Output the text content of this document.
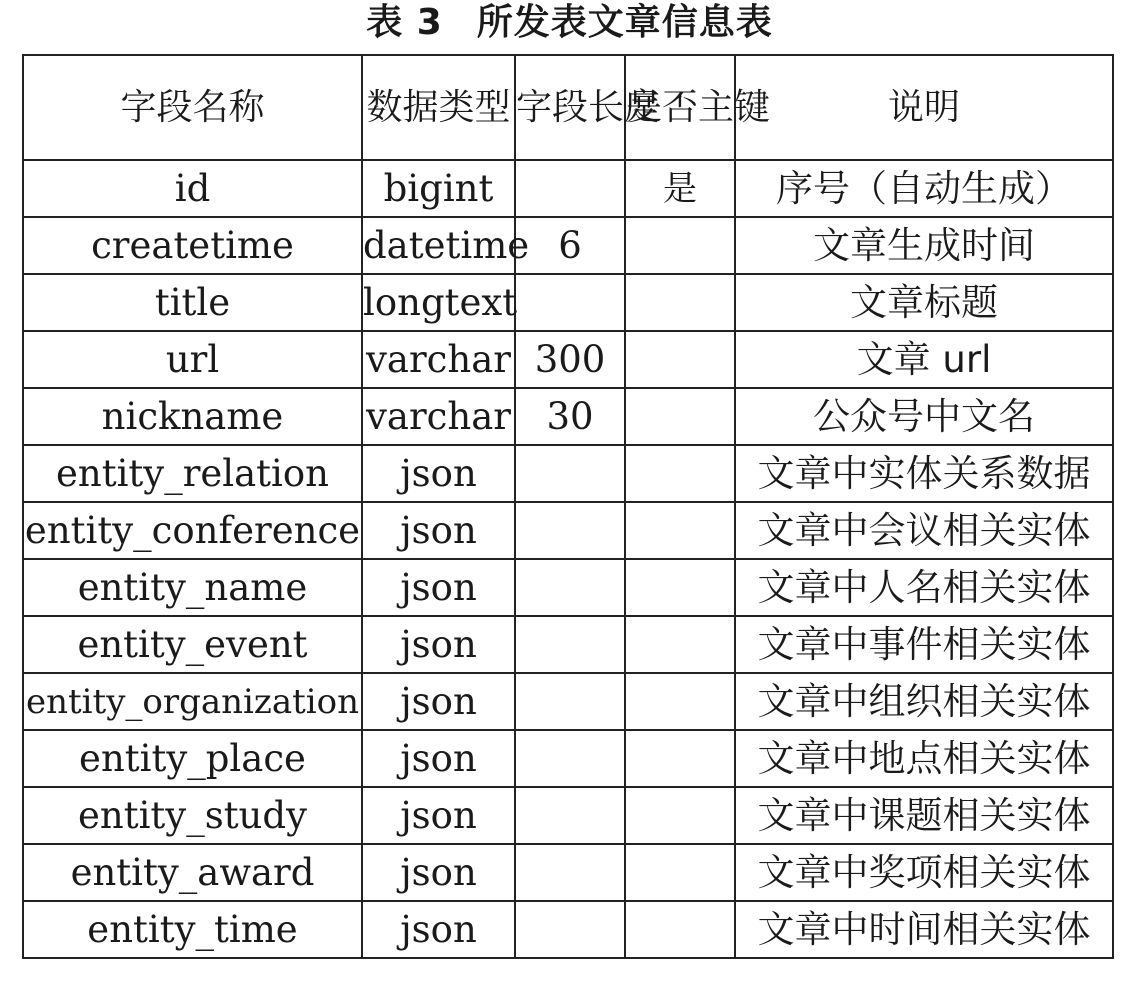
表 3 所发表文章信息表
字段名称	数据类型	字段长度	是否主键	说明
id	bigint		是	序号（自动生成）
createtime	datetime	6		文章生成时间
title	longtext			文章标题
url	varchar	300		文章 url
nickname	varchar	30		公众号中文名
entity_relation	json			文章中实体关系数据
entity_conference	json			文章中会议相关实体
entity_name	json			文章中人名相关实体
entity_event	json			文章中事件相关实体
entity_organization	json			文章中组织相关实体
entity_place	json			文章中地点相关实体
entity_study	json			文章中课题相关实体
entity_award	json			文章中奖项相关实体
entity_time	json			文章中时间相关实体
